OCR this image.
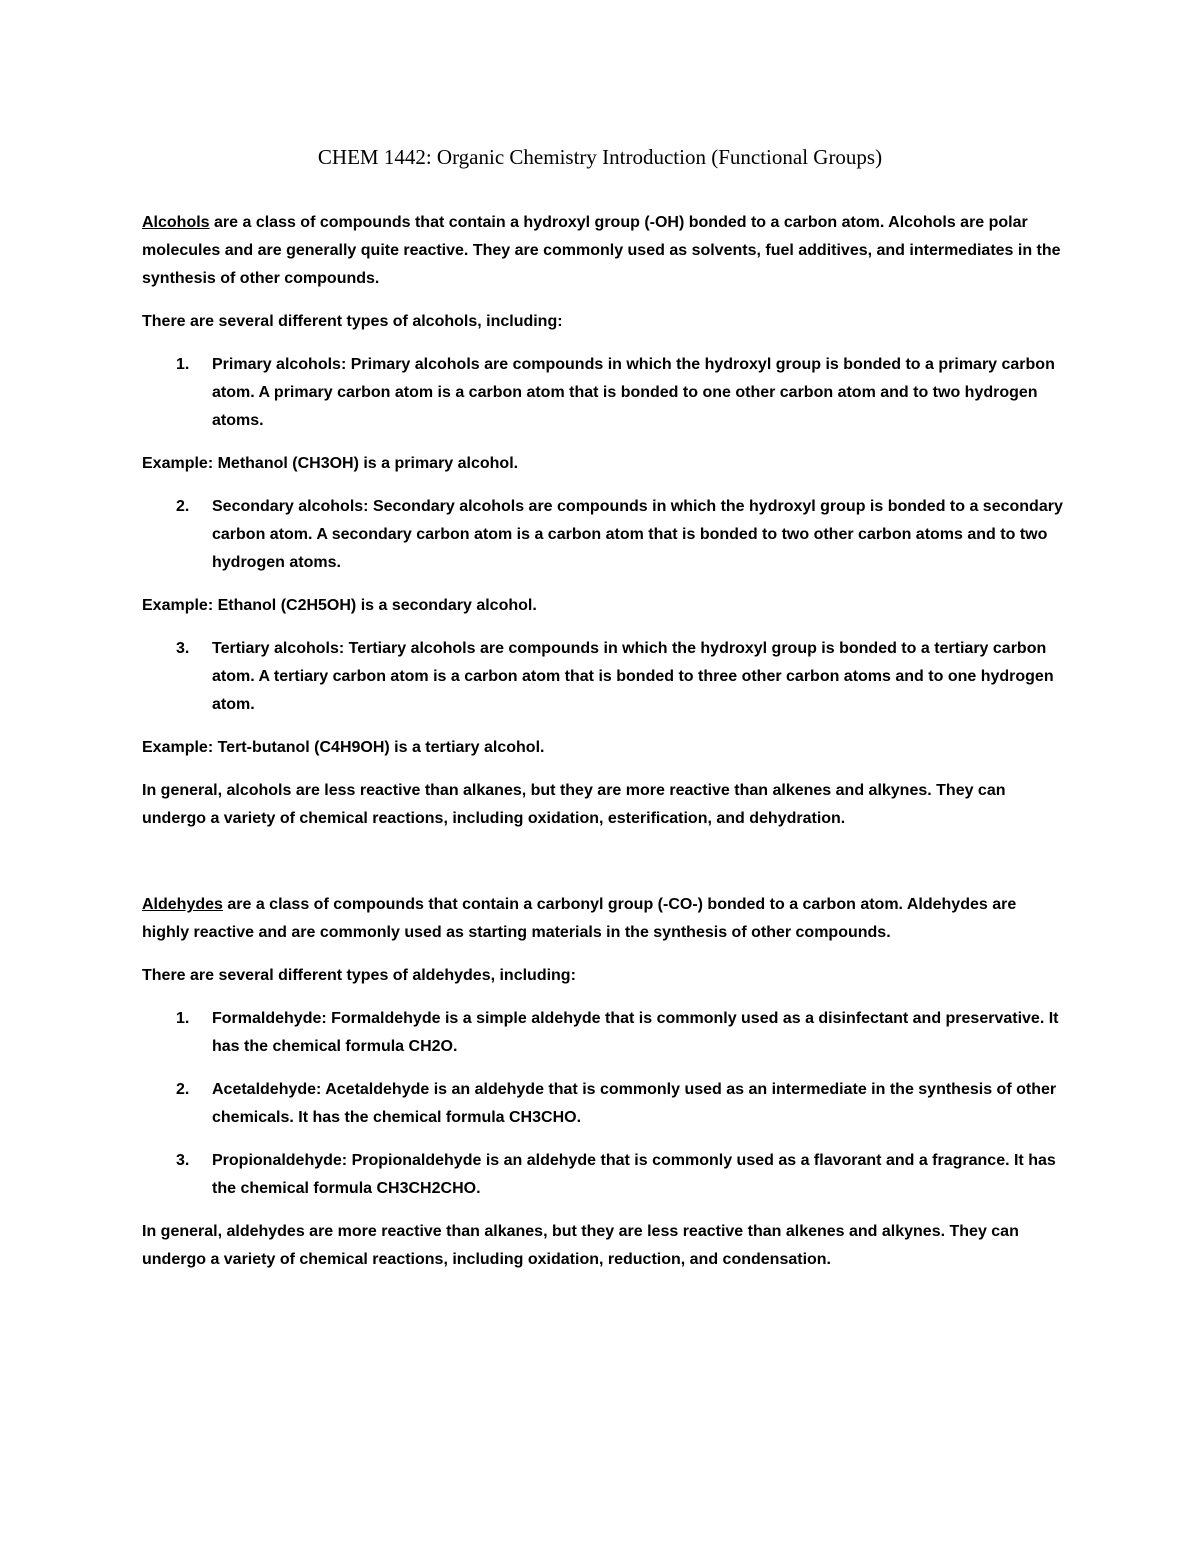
CHEM 1442: Organic Chemistry Introduction (Functional Groups)

Alcohols are a class of compounds that contain a hydroxyl group (-OH) bonded to a carbon atom. Alcohols are polar molecules and are generally quite reactive. They are commonly used as solvents, fuel additives, and intermediates in the synthesis of other compounds.

There are several different types of alcohols, including:

1. Primary alcohols: Primary alcohols are compounds in which the hydroxyl group is bonded to a primary carbon atom. A primary carbon atom is a carbon atom that is bonded to one other carbon atom and to two hydrogen atoms.

Example: Methanol (CH3OH) is a primary alcohol.

2. Secondary alcohols: Secondary alcohols are compounds in which the hydroxyl group is bonded to a secondary carbon atom. A secondary carbon atom is a carbon atom that is bonded to two other carbon atoms and to two hydrogen atoms.

Example: Ethanol (C2H5OH) is a secondary alcohol.

3. Tertiary alcohols: Tertiary alcohols are compounds in which the hydroxyl group is bonded to a tertiary carbon atom. A tertiary carbon atom is a carbon atom that is bonded to three other carbon atoms and to one hydrogen atom.

Example: Tert-butanol (C4H9OH) is a tertiary alcohol.

In general, alcohols are less reactive than alkanes, but they are more reactive than alkenes and alkynes. They can undergo a variety of chemical reactions, including oxidation, esterification, and dehydration.

Aldehydes are a class of compounds that contain a carbonyl group (-CO-) bonded to a carbon atom. Aldehydes are highly reactive and are commonly used as starting materials in the synthesis of other compounds.

There are several different types of aldehydes, including:

1. Formaldehyde: Formaldehyde is a simple aldehyde that is commonly used as a disinfectant and preservative. It has the chemical formula CH2O.
2. Acetaldehyde: Acetaldehyde is an aldehyde that is commonly used as an intermediate in the synthesis of other chemicals. It has the chemical formula CH3CHO.
3. Propionaldehyde: Propionaldehyde is an aldehyde that is commonly used as a flavorant and a fragrance. It has the chemical formula CH3CH2CHO.

In general, aldehydes are more reactive than alkanes, but they are less reactive than alkenes and alkynes. They can undergo a variety of chemical reactions, including oxidation, reduction, and condensation.
